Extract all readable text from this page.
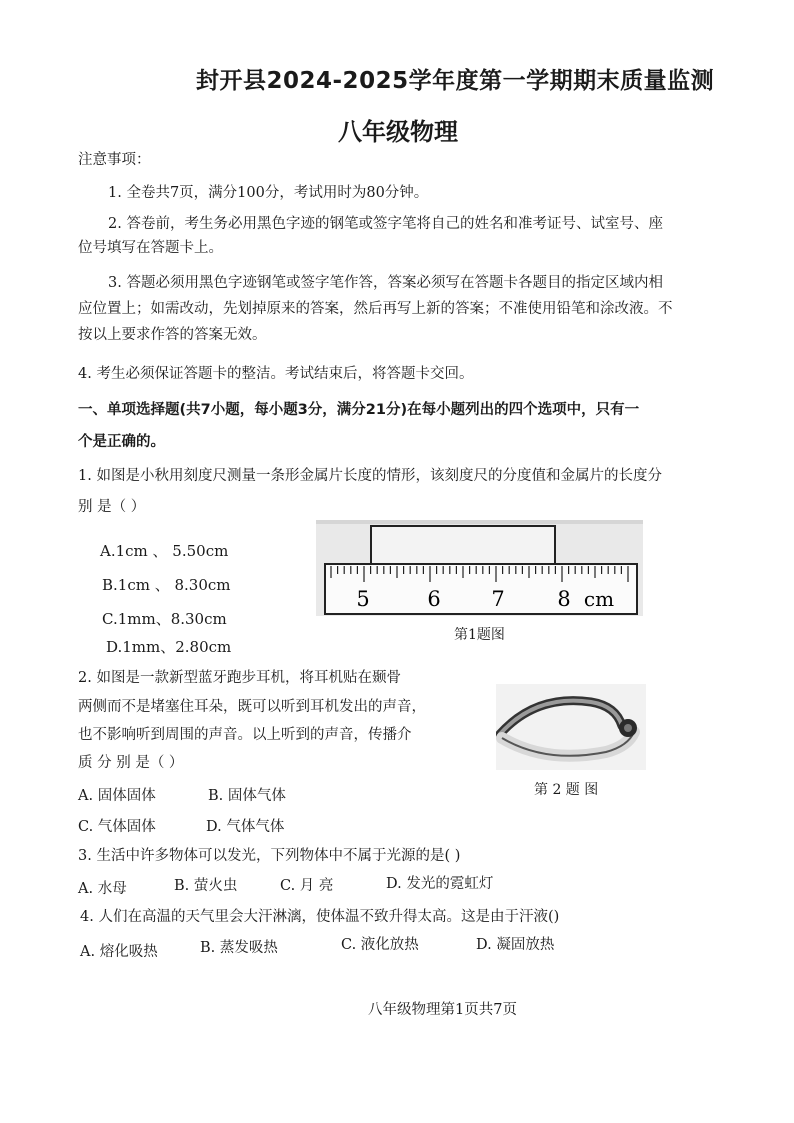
封开县2024-2025学年度第一学期期末质量监测
八年级物理
注意事项：
1. 全卷共7页，满分100分，考试用时为80分钟。
2. 答卷前，考生务必用黑色字迹的钢笔或签字笔将自己的姓名和准考证号、试室号、座
位号填写在答题卡上。
3. 答题必须用黑色字迹钢笔或签字笔作答，答案必须写在答题卡各题目的指定区域内相
应位置上；如需改动，先划掉原来的答案，然后再写上新的答案；不准使用铅笔和涂改液。不
按以上要求作答的答案无效。
4. 考生必须保证答题卡的整洁。考试结束后，将答题卡交回。
一、单项选择题(共7小题，每小题3分，满分21分)在每小题列出的四个选项中，只有一
个是正确的。
1. 如图是小秋用刻度尺测量一条形金属片长度的情形，该刻度尺的分度值和金属片的长度分
别 是（ ）
A.1cm 、 5.50cm
B.1cm 、 8.30cm
C.1mm、8.30cm
D.1mm、2.80cm
5	6 7	8 cm
第1题图
2. 如图是一款新型蓝牙跑步耳机，将耳机贴在颞骨
两侧而不是堵塞住耳朵，既可以听到耳机发出的声音，
也不影响听到周围的声音。以上听到的声音，传播介
质 分 别 是（ ）
A. 固体固体	B. 固体气体
C. 气体固体	D. 气体气体
第 2 题 图
3. 生活中许多物体可以发光，下列物体中不属于光源的是( )
A. 水母	B. 萤火虫	C. 月 亮	D. 发光的霓虹灯
4. 人们在高温的天气里会大汗淋漓，使体温不致升得太高。这是由于汗液()
A. 熔化吸热	B. 蒸发吸热	C. 液化放热	D. 凝固放热
八年级物理第1页共7页
